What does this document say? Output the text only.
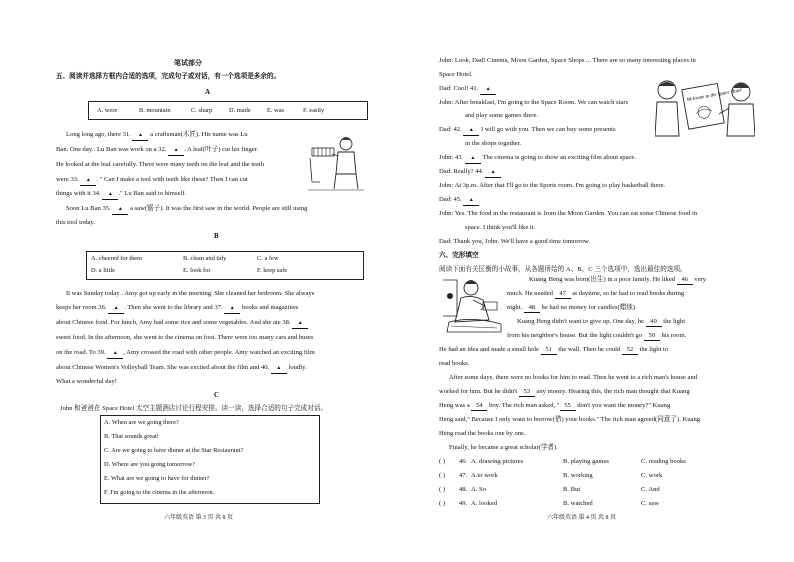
笔试部分
五、阅读并选择方框内合适的选项，完成句子或对话，有一个选项是多余的。
A
A. were	B. mountain	C. sharp	D. made	E. was	F. easily
Long long ago, there 31. ▲ a craftsman(木匠). His name was Lu
Ban. One day . Lu Ban was work on a 32. ▲ . A leaf(叶子) cut his finger.
He looked at the leaf carefully. There were many teeth on the leaf and the teeth
were 33. ▲ . " Can I make a tool with teeth like these? Then I can cut
things with it 34. ▲ ." Lu Ban said to himself.
Soon Lu Ban 35. ▲ a saw(锯子). It was the first saw in the world. People are still using
this tool today.
B
A. cheered for them	B. clean and tidy	C. a few
D. a little	E. look for	F. keep safe
It was Sunday today . Amy got up early in the morning. She cleaned her bedroom. She always
keeps her room 36. ▲ . Then she went to the library and 37. ▲ books and magazines
about Chinese food. For lunch, Amy had some rice and some vegetables. And she ate 38. ▲
sweet food. In the afternoon, she went to the cinema on foot. There were too many cars and buses
on the road. To 39. ▲ , Amy crossed the road with other people. Amy watched an exciting film
about Chinese Women's Volleyball Team. She was excited about the film and 40. ▲ loudly.
What a wonderful day!
C
John 和爸爸在 Space Hotel 太空主题酒店讨论行程安排。读一读，选择合适的句子完成对话。
A. When are we going there?
B. That sounds great!
C. Are we going to have dinner at the Star Restaurant?
D. Where are you going tomorrow?
E. What are we going to have for dinner?
F. I'm going to the cinema in the afternoon.
六年级英语 第 3 页 共 8 页
John: Look, Dad! Cinema, Moon Garden, Space Shops ... There are so many interesting places in
Space Hotel.
Dad: Cool! 41. ▲
John: After breakfast, I'm going to the Space Room. We can watch stars
and play some games there.
Dad: 42. ▲ I will go with you. Then we can buy some presents
in the shops together.
John: 43. ▲ The cinema is going to show an exciting film about space.
Dad: Really? 44. ▲
John: At 3p.m. After that I'll go to the Sports room. I'm going to play basketball there.
Dad: 45. ▲
John: Yes. The food in the restaurant is from the Moon Garden. You can eat some Chinese food in
space. I think you'll like it.
Dad: Thank you, John. We'll have a good time tomorrow.
Welcome to the Space Hotel
六、完形填空
阅读下面有关匡衡的小故事，从各题所给的 A、B、C 三个选项中，选出最佳的选项。
Kuang Heng was born(出生) in a poor family. He liked 46 very
much. He needed 47 at daytime, so he had to read books during
night. 48 he had no money for candles(蜡烛).
Kuang Heng didn't want to give up. One day, he 49 the light
from his neighbor's house. But the light couldn't go 50 his room.
He had an idea and made a small hole 51 the wall. Then he could 52 the light to
read books.
After some days, there were no books for him to read. Then he went to a rich man's house and
worked for him. But he didn't 53 any money. Hearing this, the rich man thought that Kuang
Heng was a 54 boy. The rich man asked, " 55 don't you want the money?" Kuang
Heng said," Because I only want to borrow(借) your books." The rich man agreed(同意了). Kuang
Heng read the books one by one.
Finally, he became a great scholar(学者).
( ) 46. A. drawing pictures	B. playing games	C. reading books
( ) 47. A.to work	B. working	C. work
( ) 48. A. So	B. But	C. And
( ) 49. A. looked	B. watched	C. saw
六年级英语 第 4 页 共 8 页
